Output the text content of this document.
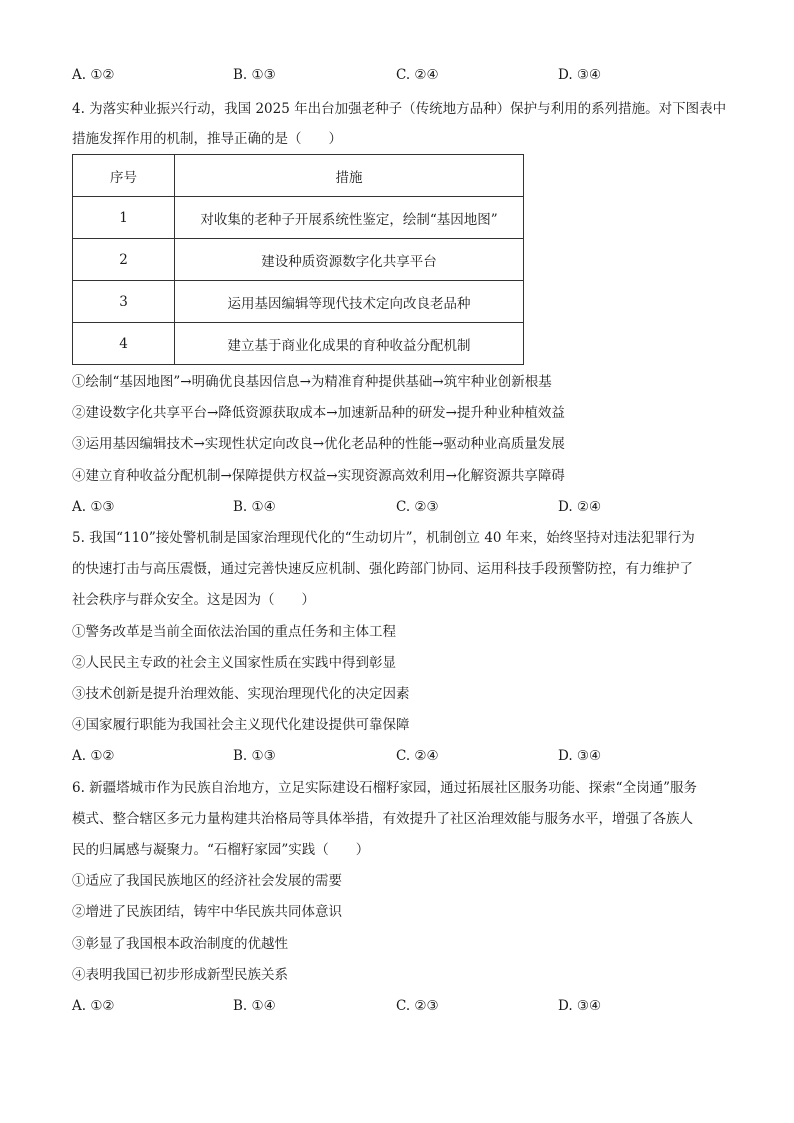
A. ①②	B. ①③	C. ②④	D. ③④
4. 为落实种业振兴行动，我国 2025 年出台加强老种子（传统地方品种）保护与利用的系列措施。对下图表中
措施发挥作用的机制，推导正确的是（　　）
序号	措施
1	对收集的老种子开展系统性鉴定，绘制“基因地图”
2	建设种质资源数字化共享平台
3	运用基因编辑等现代技术定向改良老品种
4	建立基于商业化成果的育种收益分配机制
①绘制“基因地图”→明确优良基因信息→为精准育种提供基础→筑牢种业创新根基
②建设数字化共享平台→降低资源获取成本→加速新品种的研发→提升种业种植效益
③运用基因编辑技术→实现性状定向改良→优化老品种的性能→驱动种业高质量发展
④建立育种收益分配机制→保障提供方权益→实现资源高效利用→化解资源共享障碍
A. ①③	B. ①④	C. ②③	D. ②④
5. 我国“110”接处警机制是国家治理现代化的“生动切片”，机制创立 40 年来，始终坚持对违法犯罪行为
的快速打击与高压震慑，通过完善快速反应机制、强化跨部门协同、运用科技手段预警防控，有力维护了
社会秩序与群众安全。这是因为（　　）
①警务改革是当前全面依法治国的重点任务和主体工程
②人民民主专政的社会主义国家性质在实践中得到彰显
③技术创新是提升治理效能、实现治理现代化的决定因素
④国家履行职能为我国社会主义现代化建设提供可靠保障
A. ①②	B. ①③	C. ②④	D. ③④
6. 新疆塔城市作为民族自治地方，立足实际建设石榴籽家园，通过拓展社区服务功能、探索“全岗通”服务
模式、整合辖区多元力量构建共治格局等具体举措，有效提升了社区治理效能与服务水平，增强了各族人
民的归属感与凝聚力。“石榴籽家园”实践（　　）
①适应了我国民族地区的经济社会发展的需要
②增进了民族团结，铸牢中华民族共同体意识
③彰显了我国根本政治制度的优越性
④表明我国已初步形成新型民族关系
A. ①②	B. ①④	C. ②③	D. ③④
